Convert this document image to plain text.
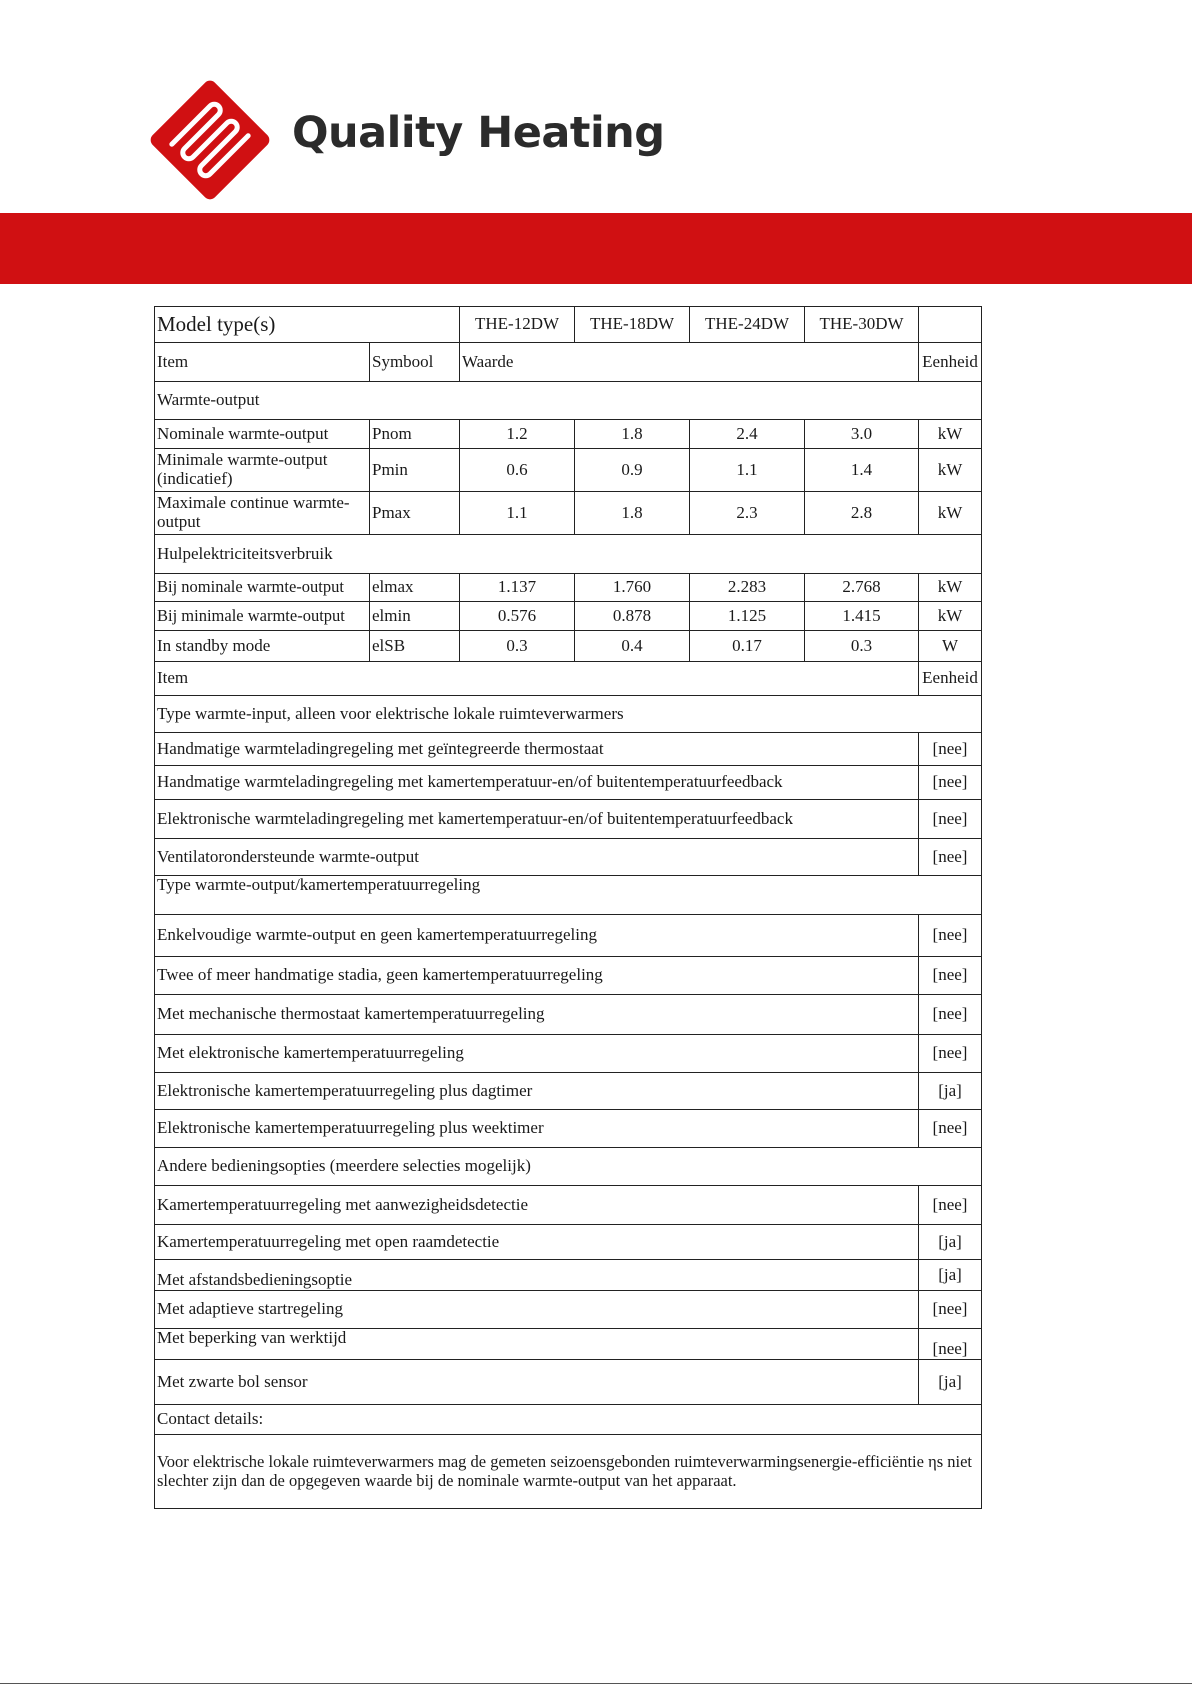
Quality Heating
Model type(s)		THE-12DW	THE-18DW	THE-24DW	THE-30DW	
Item	Symbool	Waarde				Eenheid
Warmte-output						
Nominale warmte-output	Pnom	1.2	1.8	2.4	3.0	kW
Minimale warmte-output (indicatief)	Pmin	0.6	0.9	1.1	1.4	kW
Maximale continue warmte-output	Pmax	1.1	1.8	2.3	2.8	kW
Hulpelektriciteitsverbruik						
Bij nominale warmte-output	elmax	1.137	1.760	2.283	2.768	kW
Bij minimale warmte-output	elmin	0.576	0.878	1.125	1.415	kW
In standby mode	elSB	0.3	0.4	0.17	0.3	W
Item						Eenheid
Type warmte-input, alleen voor elektrische lokale ruimteverwarmers						
Handmatige warmteladingregeling met geïntegreerde thermostaat						[nee]
Handmatige warmteladingregeling met kamertemperatuur-en/of buitentemperatuurfeedback						[nee]
Elektronische warmteladingregeling met kamertemperatuur-en/of buitentemperatuurfeedback						[nee]
Ventilatorondersteunde warmte-output						[nee]
Type warmte-output/kamertemperatuurregeling						
Enkelvoudige warmte-output en geen kamertemperatuurregeling						[nee]
Twee of meer handmatige stadia, geen kamertemperatuurregeling						[nee]
Met mechanische thermostaat kamertemperatuurregeling						[nee]
Met elektronische kamertemperatuurregeling						[nee]
Elektronische kamertemperatuurregeling plus dagtimer						[ja]
Elektronische kamertemperatuurregeling plus weektimer						[nee]
Andere bedieningsopties (meerdere selecties mogelijk)						
Kamertemperatuurregeling met aanwezigheidsdetectie						[nee]
Kamertemperatuurregeling met open raamdetectie						[ja]
Met afstandsbedieningsoptie						[ja]
Met adaptieve startregeling						[nee]
Met beperking van werktijd						[nee]
Met zwarte bol sensor						[ja]
Contact details:						
Voor elektrische lokale ruimteverwarmers mag de gemeten seizoensgebonden ruimteverwarmingsenergie-efficiëntie ηs niet slechter zijn dan de opgegeven waarde bij de nominale warmte-output van het apparaat.						
